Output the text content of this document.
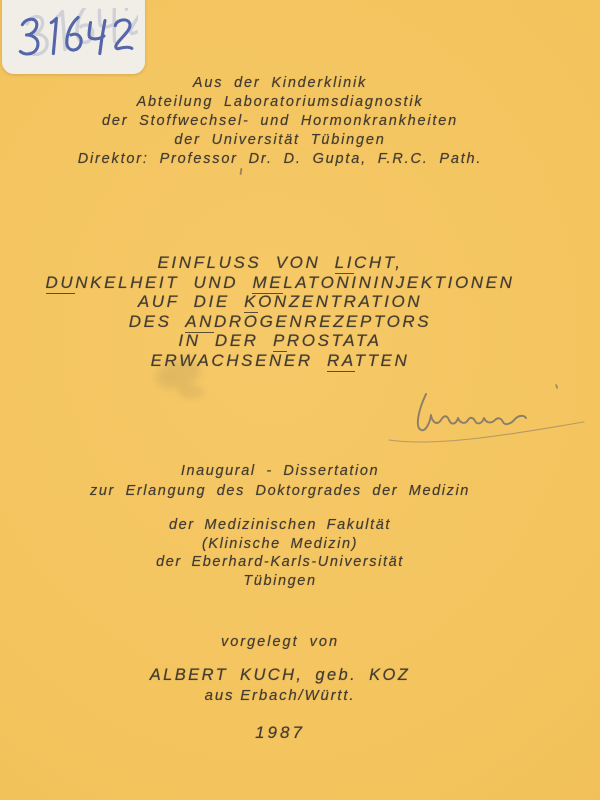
Aus der Kinderklinik
Abteilung Laboratoriumsdiagnostik
der Stoffwechsel- und Hormonkrankheiten
der Universität Tübingen
Direktor: Professor Dr. D. Gupta, F.R.C. Path.
EINFLUSS VON LICHT,
DUNKELHEIT UND MELATONININJEKTIONEN
AUF DIE KONZENTRATION
DES ANDROGENREZEPTORS
IN DER PROSTATA
ERWACHSENER RATTEN
Inaugural - Dissertation
zur Erlangung des Doktorgrades der Medizin
der Medizinischen Fakultät
(Klinische Medizin)
der Eberhard-Karls-Universität
Tübingen
vorgelegt von
ALBERT KUCH, geb. KOZ
aus Erbach/Württ.
1987
